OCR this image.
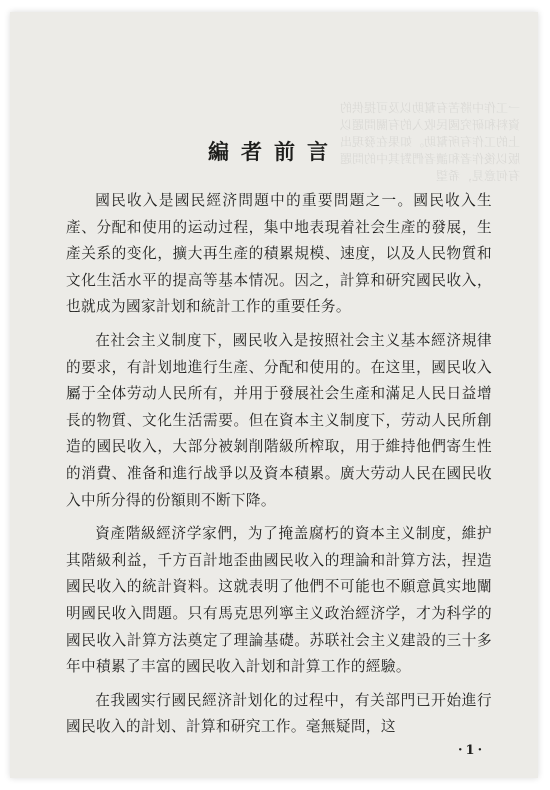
一工作中將苦有幫助以及可提供的資料和研究國民收入的有關問題以上的工作有所幫助。如果在發現出版以後作者和讀者們對其中的問題有何意見，希望
編者前言

國民收入是國民經济問題中的重要問題之一。國民收入生產、分配和使用的运动过程，集中地表現着社会生產的發展，生產关系的变化，擴大再生產的積累規模、速度，以及人民物質和文化生活水平的提高等基本情况。因之，計算和研究國民收入，也就成为國家計划和統計工作的重要任务。

在社会主义制度下，國民收入是按照社会主义基本經济規律的要求，有計划地進行生產、分配和使用的。在这里，國民收入屬于全体劳动人民所有，并用于發展社会生產和滿足人民日益增長的物質、文化生活需要。但在資本主义制度下，劳动人民所創造的國民收入，大部分被剝削階級所榨取，用于維持他們寄生性的消費、准备和進行战爭以及資本積累。廣大劳动人民在國民收入中所分得的份額則不断下降。

資產階級經济学家們，为了掩盖腐朽的資本主义制度，維护其階級利益，千方百計地歪曲國民收入的理論和計算方法，捏造國民收入的統計資料。这就表明了他們不可能也不願意眞实地闡明國民收入問題。只有馬克思列寧主义政治經济学，才为科学的國民收入計算方法奠定了理論基礎。苏联社会主义建設的三十多年中積累了丰富的國民收入計划和計算工作的經驗。

在我國实行國民經济計划化的过程中，有关部門已开始進行國民收入的計划、計算和研究工作。毫無疑問，这

·1·
